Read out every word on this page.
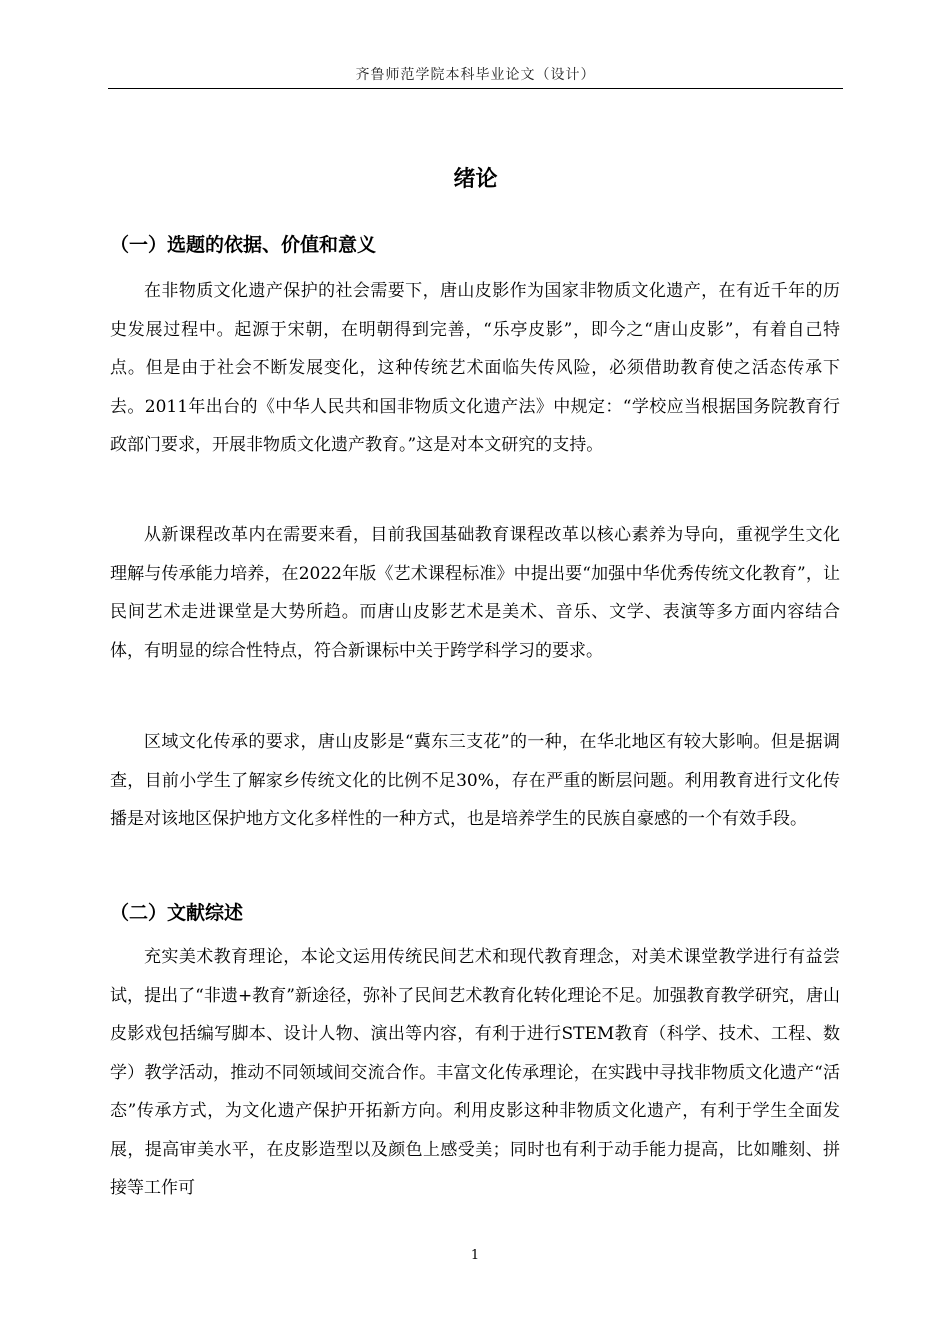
齐鲁师范学院本科毕业论文（设计）
绪论
（一）选题的依据、价值和意义

在非物质文化遗产保护的社会需要下，唐山皮影作为国家非物质文化遗产，在有近千年的历史发展过程中。起源于宋朝，在明朝得到完善，“乐亭皮影”，即今之“唐山皮影”，有着自己特点。但是由于社会不断发展变化，这种传统艺术面临失传风险，必须借助教育使之活态传承下去。2011年出台的《中华人民共和国非物质文化遗产法》中规定：“学校应当根据国务院教育行政部门要求，开展非物质文化遗产教育。”这是对本文研究的支持。

从新课程改革内在需要来看，目前我国基础教育课程改革以核心素养为导向，重视学生文化理解与传承能力培养，在2022年版《艺术课程标准》中提出要“加强中华优秀传统文化教育”，让民间艺术走进课堂是大势所趋。而唐山皮影艺术是美术、音乐、文学、表演等多方面内容结合体，有明显的综合性特点，符合新课标中关于跨学科学习的要求。

区域文化传承的要求，唐山皮影是“冀东三支花”的一种，在华北地区有较大影响。但是据调查，目前小学生了解家乡传统文化的比例不足30%，存在严重的断层问题。利用教育进行文化传播是对该地区保护地方文化多样性的一种方式，也是培养学生的民族自豪感的一个有效手段。

（二）文献综述

充实美术教育理论，本论文运用传统民间艺术和现代教育理念，对美术课堂教学进行有益尝试，提出了“非遗+教育”新途径，弥补了民间艺术教育化转化理论不足。加强教育教学研究，唐山皮影戏包括编写脚本、设计人物、演出等内容，有利于进行STEM教育（科学、技术、工程、数学）教学活动，推动不同领域间交流合作。丰富文化传承理论，在实践中寻找非物质文化遗产“活态”传承方式，为文化遗产保护开拓新方向。利用皮影这种非物质文化遗产，有利于学生全面发展，提高审美水平，在皮影造型以及颜色上感受美；同时也有利于动手能力提高，比如雕刻、拼接等工作可

1
